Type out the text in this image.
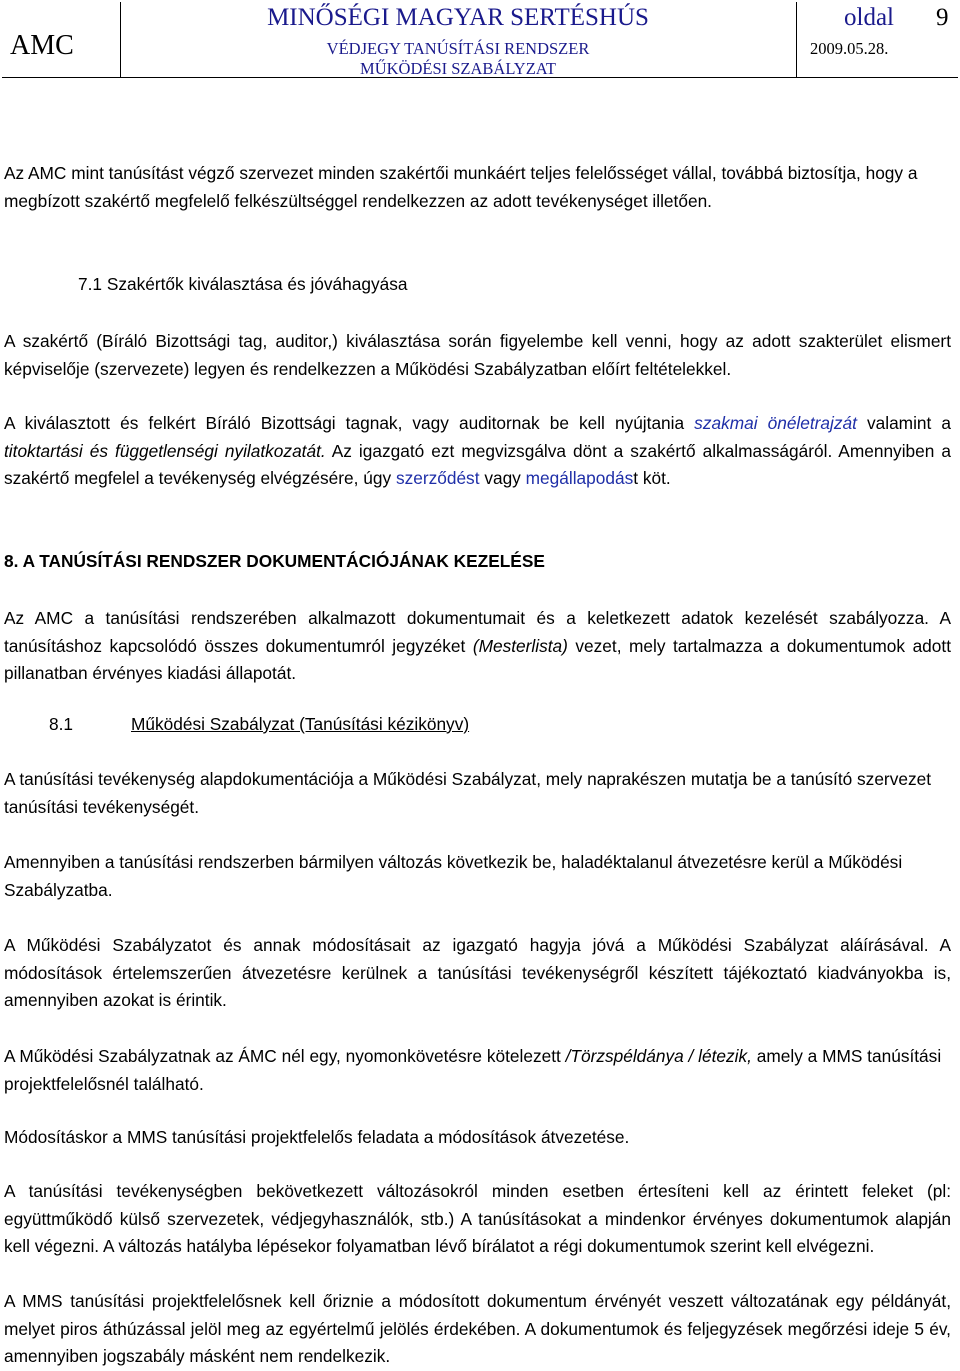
AMC
MINŐSÉGI MAGYAR SERTÉSHÚS
VÉDJEGY TANÚSÍTÁSI RENDSZER
MŰKÖDÉSI SZABÁLYZAT
oldal 9
2009.05.28.

Az AMC mint tanúsítást végző szervezet minden szakértői munkáért teljes felelősséget vállal, továbbá biztosítja, hogy a megbízott szakértő megfelelő felkészültséggel rendelkezzen az adott tevékenységet illetően.

7.1 Szakértők kiválasztása és jóváhagyása

A szakértő (Bíráló Bizottsági tag, auditor,) kiválasztása során figyelembe kell venni, hogy az adott szakterület elismert képviselője (szervezete) legyen és rendelkezzen a Működési Szabályzatban előírt feltételekkel.

A kiválasztott és felkért Bíráló Bizottsági tagnak, vagy auditornak be kell nyújtania szakmai önéletrajzát valamint a titoktartási és függetlenségi nyilatkozatát. Az igazgató ezt megvizsgálva dönt a szakértő alkalmasságáról. Amennyiben a szakértő megfelel a tevékenység elvégzésére, úgy szerződést vagy megállapodást köt.

8. A TANÚSÍTÁSI RENDSZER DOKUMENTÁCIÓJÁNAK KEZELÉSE

Az AMC a tanúsítási rendszerében alkalmazott dokumentumait és a keletkezett adatok kezelését szabályozza. A tanúsításhoz kapcsolódó összes dokumentumról jegyzéket (Mesterlista) vezet, mely tartalmazza a dokumentumok adott pillanatban érvényes kiadási állapotát.

8.1	Működési Szabályzat (Tanúsítási kézikönyv)

A tanúsítási tevékenység alapdokumentációja a Működési Szabályzat, mely naprakészen mutatja be a tanúsító szervezet tanúsítási tevékenységét.

Amennyiben a tanúsítási rendszerben bármilyen változás következik be, haladéktalanul átvezetésre kerül a Működési Szabályzatba.

A Működési Szabályzatot és annak módosításait az igazgató hagyja jóvá a Működési Szabályzat aláírásával. A módosítások értelemszerűen átvezetésre kerülnek a tanúsítási tevékenységről készített tájékoztató kiadványokba is, amennyiben azokat is érintik.

A Működési Szabályzatnak az ÁMC nél egy, nyomonkövetésre kötelezett /Törzspéldánya / létezik, amely a MMS tanúsítási projektfelelősnél található.

Módosításkor a MMS tanúsítási projektfelelős feladata a módosítások átvezetése.

A tanúsítási tevékenységben bekövetkezett változásokról minden esetben értesíteni kell az érintett feleket (pl: együttműködő külső szervezetek, védjegyhasználók, stb.) A tanúsításokat a mindenkor érvényes dokumentumok alapján kell végezni. A változás hatályba lépésekor folyamatban lévő bírálatot a régi dokumentumok szerint kell elvégezni.

A MMS tanúsítási projektfelelősnek kell őriznie a módosított dokumentum érvényét veszett változatának egy példányát, melyet piros áthúzással jelöl meg az egyértelmű jelölés érdekében. A dokumentumok és feljegyzések megőrzési ideje 5 év, amennyiben jogszabály másként nem rendelkezik.
